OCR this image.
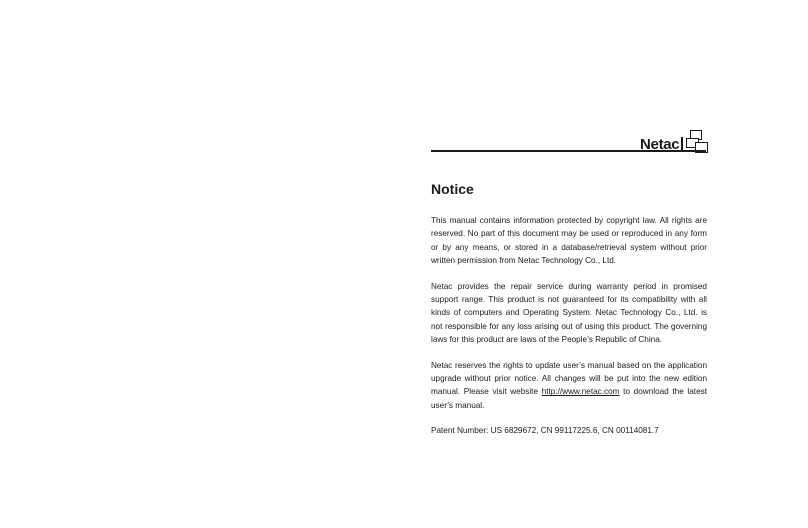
Netac
Notice

This manual contains information protected by copyright law. All rights are reserved. No part of this document may be used or reproduced in any form or by any means, or stored in a database/retrieval system without prior written permission from Netac Technology Co., Ltd.

Netac provides the repair service during warranty period in promised support range. This product is not guaranteed for its compatibility with all kinds of computers and Operating System. Netac Technology Co., Ltd. is not responsible for any loss arising out of using this product. The governing laws for this product are laws of the People’s Republic of China.

Netac reserves the rights to update user’s manual based on the application upgrade without prior notice. All changes will be put into the new edition manual. Please visit website http://www.netac.com to download the latest user’s manual.

Patent Number: US 6829672, CN 99117225.6, CN 00114081.7
